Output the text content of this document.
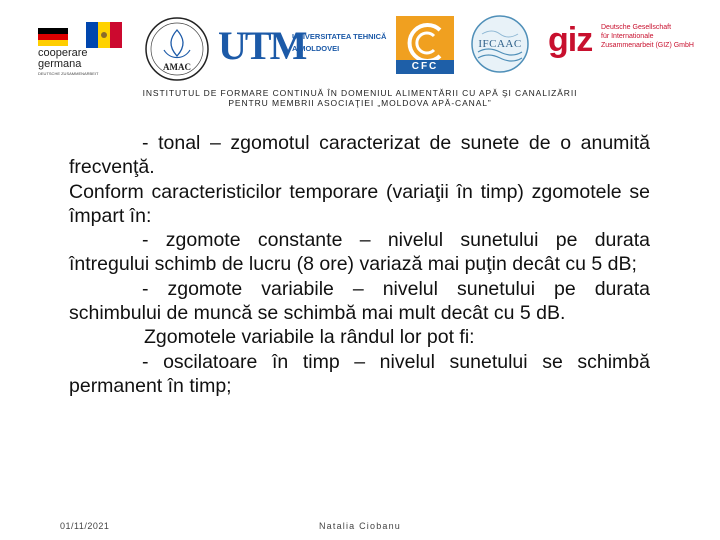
cooperare
germana
DEUTSCHE ZUSAMMENARBEIT
AMAC UTM
UNIVERSITATEA TEHNICĂ
A MOLDOVEI
CFC
IFCAAC giz Deutsche Gesellschaft
für Internationale
Zusammenarbeit (GIZ) GmbH
INSTITUTUL DE FORMARE CONTINUĂ ÎN DOMENIUL ALIMENTĂRII CU APĂ ŞI CANALIZĂRII
PENTRU MEMBRII ASOCIAŢIEI „MOLDOVA APĂ-CANAL”

- tonal – zgomotul caracterizat de sunete de o anumită frecvenţă.

Conform caracteristicilor temporare (variaţii în timp) zgomotele se împart în:

- zgomote constante – nivelul sunetului pe durata întregului schimb de lucru (8 ore) variază mai puţin decât cu 5 dB;

- zgomote variabile – nivelul sunetului pe durata schimbului de muncă se schimbă mai mult decât cu 5 dB.

Zgomotele variabile la rândul lor pot fi:

- oscilatoare în timp – nivelul sunetului se schimbă permanent în timp;

01/11/2021	Natalia Ciobanu
